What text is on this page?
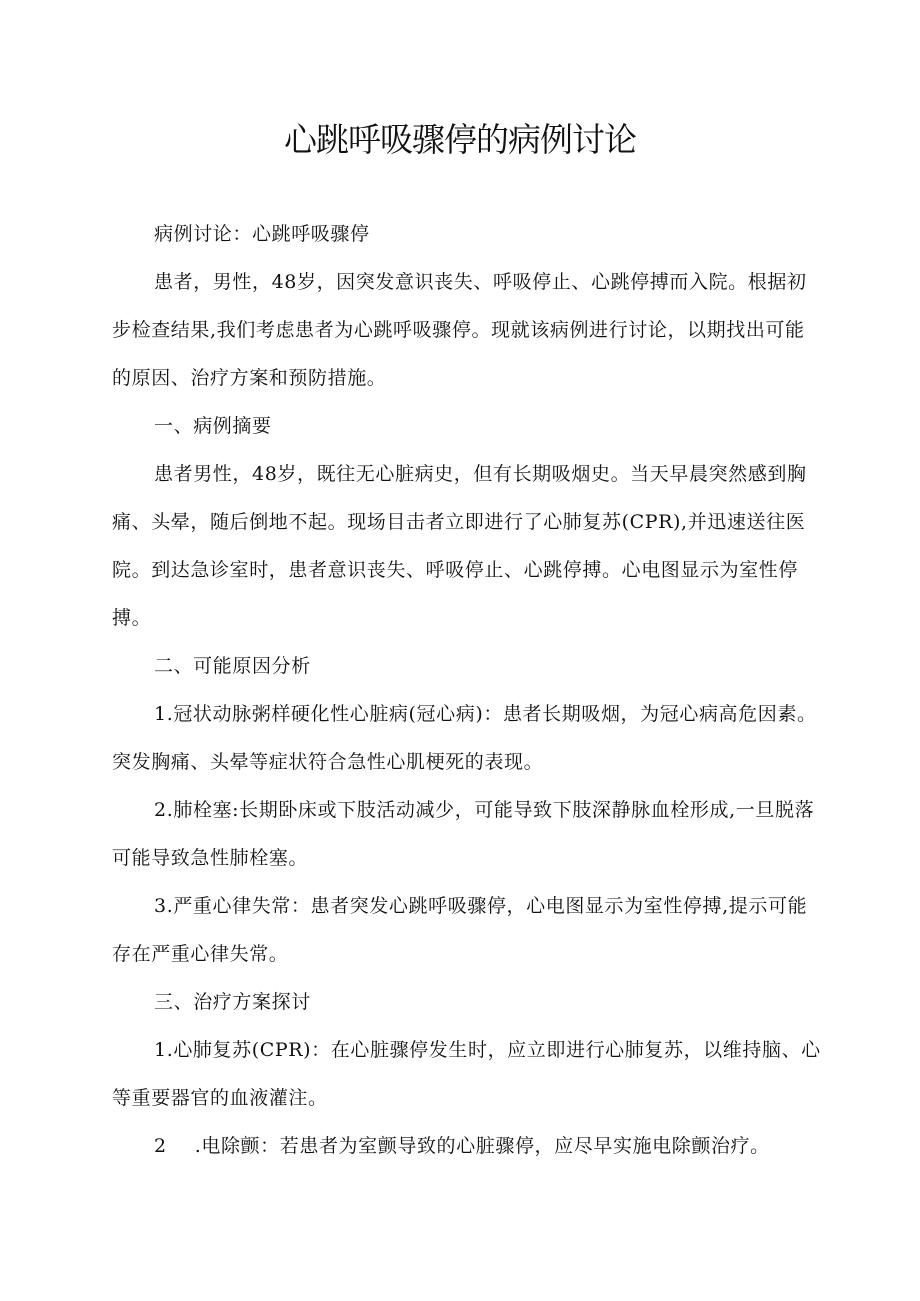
心跳呼吸骤停的病例讨论

病例讨论：心跳呼吸骤停

患者，男性，48岁，因突发意识丧失、呼吸停止、心跳停搏而入院。根据初步检查结果,我们考虑患者为心跳呼吸骤停。现就该病例进行讨论，以期找出可能的原因、治疗方案和预防措施。

一、病例摘要

患者男性，48岁，既往无心脏病史，但有长期吸烟史。当天早晨突然感到胸痛、头晕，随后倒地不起。现场目击者立即进行了心肺复苏(CPR),并迅速送往医院。到达急诊室时，患者意识丧失、呼吸停止、心跳停搏。心电图显示为室性停搏。

二、可能原因分析

1.冠状动脉粥样硬化性心脏病(冠心病)：患者长期吸烟，为冠心病高危因素。突发胸痛、头晕等症状符合急性心肌梗死的表现。

2.肺栓塞:长期卧床或下肢活动减少，可能导致下肢深静脉血栓形成,一旦脱落可能导致急性肺栓塞。

3.严重心律失常：患者突发心跳呼吸骤停，心电图显示为室性停搏,提示可能存在严重心律失常。

三、治疗方案探讨

1.心肺复苏(CPR)：在心脏骤停发生时，应立即进行心肺复苏，以维持脑、心等重要器官的血液灌注。

2 .电除颤：若患者为室颤导致的心脏骤停，应尽早实施电除颤治疗。
